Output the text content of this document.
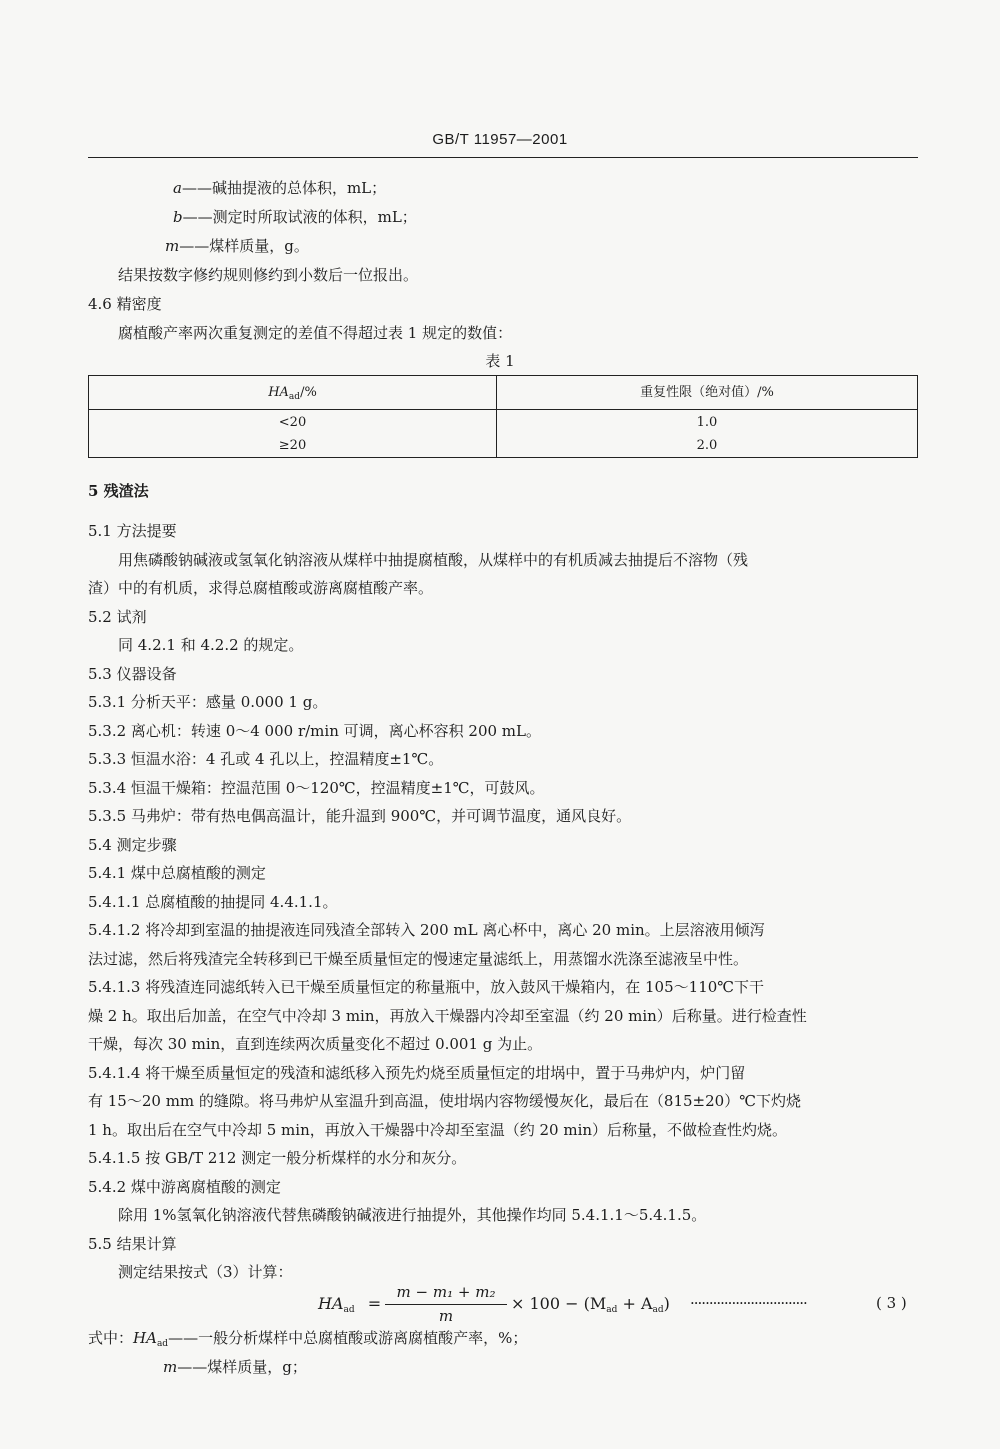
GB/T 11957—2001
a——碱抽提液的总体积，mL；
b——测定时所取试液的体积，mL；
m——煤样质量，g。
结果按数字修约规则修约到小数后一位报出。
4.6 精密度
腐植酸产率两次重复测定的差值不得超过表 1 规定的数值：
表 1
$HA_{ad}/\%$	重复性限（绝对值）/%
<20	1.0
≥20	2.0
5 残渣法
5.1 方法提要
用焦磷酸钠碱液或氢氧化钠溶液从煤样中抽提腐植酸，从煤样中的有机质减去抽提后不溶物（残
渣）中的有机质，求得总腐植酸或游离腐植酸产率。
5.2 试剂
同 4.2.1 和 4.2.2 的规定。
5.3 仪器设备
5.3.1 分析天平：感量 0.000 1 g。
5.3.2 离心机：转速 0～4 000 r/min 可调，离心杯容积 200 mL。
5.3.3 恒温水浴：4 孔或 4 孔以上，控温精度±1℃。
5.3.4 恒温干燥箱：控温范围 0～120℃，控温精度±1℃，可鼓风。
5.3.5 马弗炉：带有热电偶高温计，能升温到 900℃，并可调节温度，通风良好。
5.4 测定步骤
5.4.1 煤中总腐植酸的测定
5.4.1.1 总腐植酸的抽提同 4.4.1.1。
5.4.1.2 将冷却到室温的抽提液连同残渣全部转入 200 mL 离心杯中，离心 20 min。上层溶液用倾泻
法过滤，然后将残渣完全转移到已干燥至质量恒定的慢速定量滤纸上，用蒸馏水洗涤至滤液呈中性。
5.4.1.3 将残渣连同滤纸转入已干燥至质量恒定的称量瓶中，放入鼓风干燥箱内，在 105～110℃下干
燥 2 h。取出后加盖，在空气中冷却 3 min，再放入干燥器内冷却至室温（约 20 min）后称量。进行检查性
干燥，每次 30 min，直到连续两次质量变化不超过 0.001 g 为止。
5.4.1.4 将干燥至质量恒定的残渣和滤纸移入预先灼烧至质量恒定的坩埚中，置于马弗炉内，炉门留
有 15～20 mm 的缝隙。将马弗炉从室温升到高温，使坩埚内容物缓慢灰化，最后在（815±20）℃下灼烧
1 h。取出后在空气中冷却 5 min，再放入干燥器中冷却至室温（约 20 min）后称量，不做检查性灼烧。
5.4.1.5 按 GB/T 212 测定一般分析煤样的水分和灰分。
5.4.2 煤中游离腐植酸的测定
除用 1%氢氧化钠溶液代替焦磷酸钠碱液进行抽提外，其他操作均同 5.4.1.1～5.4.1.5。
5.5 结果计算
测定结果按式（3）计算：
$HA_{ad}$ =
m − m₁ + m₂
m
× $100 - (M_{ad} + A_{ad})$ ·······························	( 3 )
式中：$HA_{ad}——$一般分析煤样中总腐植酸或游离腐植酸产率，%；
m——煤样质量，g；
